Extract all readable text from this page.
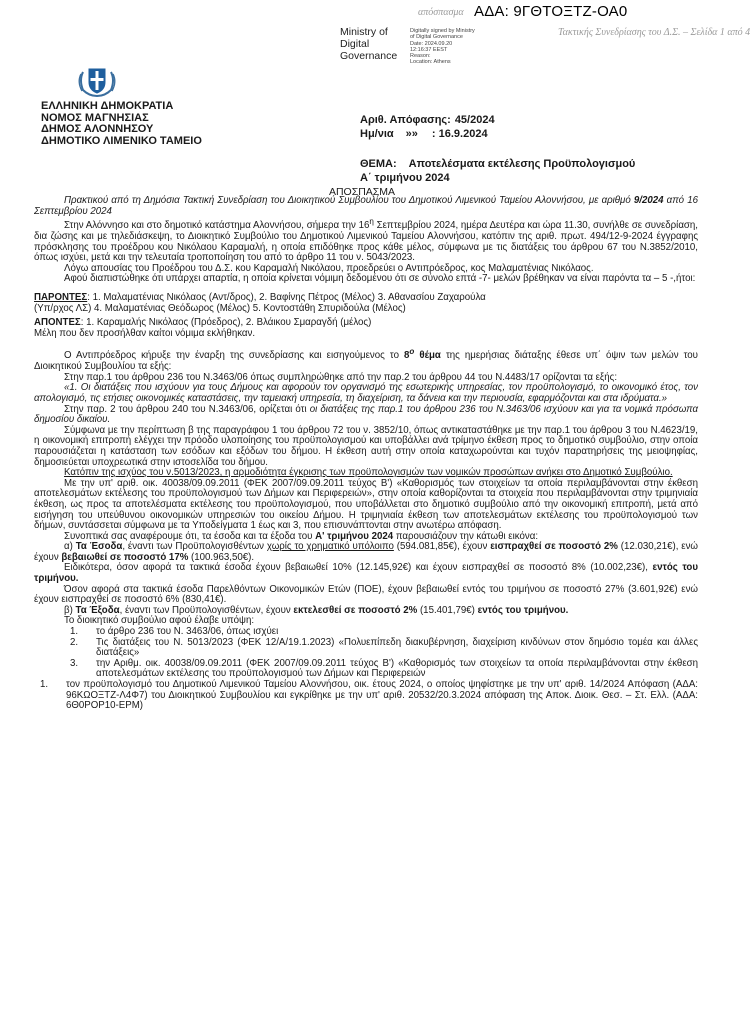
απόσπασμα ΑΔΑ: 9ΓΘΤΟΞΤΖ-ΟΑ0
Τακτικής Συνεδρίασης του Δ.Σ. – Σελίδα 1 από 4
Ministry of
Digital
Governance
Digitally signed by Ministry
of Digital Governance
Date: 2024.09.20
12:16:37 EEST
Reason:
Location: Athens
ΕΛΛΗΝΙΚΗ ΔΗΜΟΚΡΑΤΙΑ
ΝΟΜΟΣ ΜΑΓΝΗΣΙΑΣ
ΔΗΜΟΣ ΑΛΟΝΝΗΣΟΥ
ΔΗΜΟΤΙΚΟ ΛΙΜΕΝΙΚΟ ΤΑΜΕΙΟ
Αριθ. Απόφασης: 45/2024
Ημ/νια »» : 16.9.2024
ΘΕΜΑ: Αποτελέσματα εκτέλεσης Προϋπολογισμού
Α΄ τριμήνου 2024
ΑΠΟΣΠΑΣΜΑ

Πρακτικού από τη Δημόσια Τακτική Συνεδρίαση του Διοικητικού Συμβουλίου του Δημοτικού Λιμενικού Ταμείου Αλοννήσου, με αριθμό 9/2024 από 16 Σεπτεμβρίου 2024

Στην Αλόννησο και στο δημοτικό κατάστημα Αλοννήσου, σήμερα την $16^\eta$ Σεπτεμβρίου 2024, ημέρα Δευτέρα και ώρα 11.30, συνήλθε σε συνεδρίαση, δια ζώσης και με τηλεδιάσκεψη, το Διοικητικό Συμβούλιο του Δημοτικού Λιμενικού Ταμείου Αλοννήσου, κατόπιν της αριθ. πρωτ. 494/12-9-2024 έγγραφης πρόσκλησης του προέδρου κου Νικόλαου Καραμαλή, η οποία επιδόθηκε προς κάθε μέλος, σύμφωνα με τις διατάξεις του άρθρου 67 του Ν.3852/2010, όπως ισχύει, μετά και την τελευταία τροποποίηση του από το άρθρο 11 του ν. 5043/2023.

Λόγω απουσίας του Προέδρου του Δ.Σ. κου Καραμαλή Νικόλαου, προεδρεύει ο Αντιπρόεδρος, κος Μαλαματένιας Νικόλαος.

Αφού διαπιστώθηκε ότι υπάρχει απαρτία, η οποία κρίνεται νόμιμη δεδομένου ότι σε σύνολο επτά -7- μελών βρέθηκαν να είναι παρόντα τα – 5 -,ήτοι:

ΠΑΡΟΝΤΕΣ: 1. Μαλαματένιας Νικόλαος (Αντ/δρος), 2. Βαφίνης Πέτρος (Μέλος) 3. Αθανασίου Ζαχαρούλα

(Υπ/ρχος ΛΣ) 4. Μαλαματένιας Θεόδωρος (Μέλος) 5. Κοντοστάθη Σπυριδούλα (Μέλος)

ΑΠΟΝΤΕΣ: 1. Καραμαλής Νικόλαος (Πρόεδρος), 2. Βλάικου Σμαραγδή (μέλος)

Μέλη που δεν προσήλθαν καίτοι νόμιμα εκλήθηκαν.

Ο Αντιπρόεδρος κήρυξε την έναρξη της συνεδρίασης και εισηγούμενος το $8^o$ θέμα της ημερήσιας διάταξης έθεσε υπ΄ όψιν των μελών του Διοικητικού Συμβουλίου τα εξής:

Στην παρ.1 του άρθρου 236 του Ν.3463/06 όπως συμπληρώθηκε από την παρ.2 του άρθρου 44 του Ν.4483/17 ορίζονται τα εξής:

«1. Οι διατάξεις που ισχύουν για τους Δήμους και αφορούν τον οργανισμό της εσωτερικής υπηρεσίας, τον προϋπολογισμό, το οικονομικό έτος, τον απολογισμό, τις ετήσιες οικονομικές καταστάσεις, την ταμειακή υπηρεσία, τη διαχείριση, τα δάνεια και την περιουσία, εφαρμόζονται και στα ιδρύματα.»

Στην παρ. 2 του άρθρου 240 του Ν.3463/06, ορίζεται ότι οι διατάξεις της παρ.1 του άρθρου 236 του Ν.3463/06 ισχύουν και για τα νομικά πρόσωπα δημοσίου δικαίου.

Σύμφωνα με την περίπτωση β της παραγράφου 1 του άρθρου 72 του ν. 3852/10, όπως αντικαταστάθηκε με την παρ.1 του άρθρου 3 του Ν.4623/19, η οικονομική επιτροπή ελέγχει την πρόοδο υλοποίησης του προϋπολογισμού και υποβάλλει ανά τρίμηνο έκθεση προς το δημοτικό συμβούλιο, στην οποία παρουσιάζεται η κατάσταση των εσόδων και εξόδων του δήμου. Η έκθεση αυτή στην οποία καταχωρούνται και τυχόν παρατηρήσεις της μειοψηφίας, δημοσιεύεται υποχρεωτικά στην ιστοσελίδα του δήμου.

Κατόπιν της ισχύος του ν.5013/2023, η αρμοδιότητα έγκρισης των προϋπολογισμών των νομικών προσώπων ανήκει στο Δημοτικό Συμβούλιο.

Με την υπ' αριθ. οικ. 40038/09.09.2011 (ΦΕΚ 2007/09.09.2011 τεύχος Β') «Καθορισμός των στοιχείων τα οποία περιλαμβάνονται στην έκθεση αποτελεσμάτων εκτέλεσης του προϋπολογισμού των Δήμων και Περιφερειών», στην οποία καθορίζονται τα στοιχεία που περιλαμβάνονται στην τριμηνιαία έκθεση, ως προς τα αποτελέσματα εκτέλεσης του προϋπολογισμού, που υποβάλλεται στο δημοτικό συμβούλιο από την οικονομική επιτροπή, μετά από εισήγηση του υπεύθυνου οικονομικών υπηρεσιών του οικείου Δήμου. Η τριμηνιαία έκθεση των αποτελεσμάτων εκτέλεσης του προϋπολογισμού των δήμων, συντάσσεται σύμφωνα με τα Υποδείγματα 1 έως και 3, που επισυνάπτονται στην ανωτέρω απόφαση.

Συνοπτικά σας αναφέρουμε ότι, τα έσοδα και τα έξοδα του Α' τριμήνου 2024 παρουσιάζουν την κάτωθι εικόνα:

α) Τα Έσοδα, έναντι των Προϋπολογισθέντων χωρίς το χρηματικό υπόλοιπο (594.081,85€), έχουν εισπραχθεί σε ποσοστό 2% (12.030,21€), ενώ έχουν βεβαιωθεί σε ποσοστό 17% (100.963,50€).

Ειδικότερα, όσον αφορά τα τακτικά έσοδα έχουν βεβαιωθεί 10% (12.145,92€) και έχουν εισπραχθεί σε ποσοστό 8% (10.002,23€), εντός του τριμήνου.

Όσον αφορά στα τακτικά έσοδα Παρελθόντων Οικονομικών Ετών (ΠΟΕ), έχουν βεβαιωθεί εντός του τριμήνου σε ποσοστό 27% (3.601,92€) ενώ έχουν εισπραχθεί σε ποσοστό 6% (830,41€).

β) Τα Έξοδα, έναντι των Προϋπολογισθέντων, έχουν εκτελεσθεί σε ποσοστό 2% (15.401,79€) εντός του τριμήνου.

Το διοικητικό συμβούλιο αφού έλαβε υπόψη:

1. το άρθρο 236 του Ν. 3463/06, όπως ισχύει
2. Τις διατάξεις του Ν. 5013/2023 (ΦΕΚ 12/Α/19.1.2023) «Πολυεπίπεδη διακυβέρνηση, διαχείριση κινδύνων στον δημόσιο τομέα και άλλες διατάξεις»
3. την Αριθμ. οικ. 40038/09.09.2011 (ΦΕΚ 2007/09.09.2011 τεύχος Β') «Καθορισμός των στοιχείων τα οποία περιλαμβάνονται στην έκθεση αποτελεσμάτων εκτέλεσης του προϋπολογισμού των Δήμων και Περιφερειών
1. τον προϋπολογισμό του Δημοτικού Λιμενικού Ταμείου Αλοννήσου, οικ. έτους 2024, ο οποίος ψηφίστηκε με την υπ' αριθ. 14/2024 Απόφαση (ΑΔΑ: 96ΚΩΟΞΤΖ-Λ4Φ7) του Διοικητικού Συμβουλίου και εγκρίθηκε με την υπ' αριθ. 20532/20.3.2024 απόφαση της Αποκ. Διοικ. Θεσ. – Στ. Ελλ. (ΑΔΑ: 6Θ0ΡΟΡ10-ΕΡΜ)
